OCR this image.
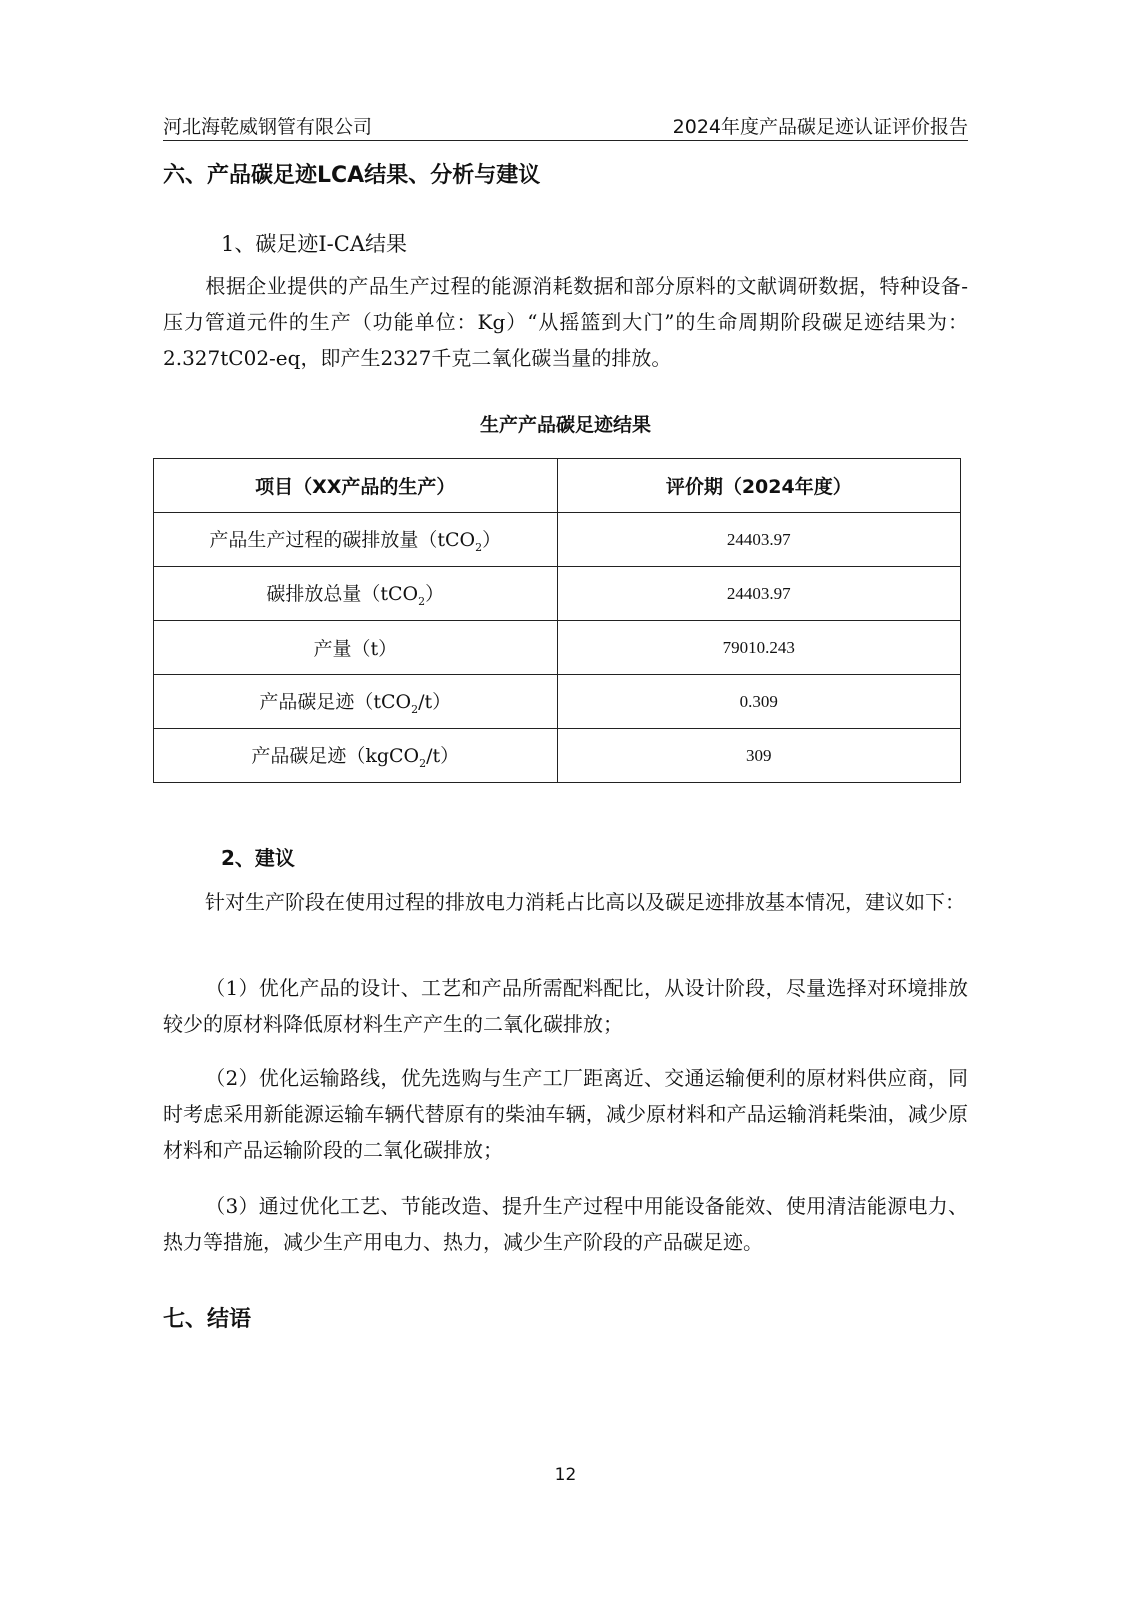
河北海乾威钢管有限公司	2024年度产品碳足迹认证评价报告
六、产品碳足迹LCA结果、分析与建议
1、碳足迹I-CA结果

根据企业提供的产品生产过程的能源消耗数据和部分原料的文献调研数据，特种设备-压力管道元件的生产（功能单位：Kg）“从摇篮到大门”的生命周期阶段碳足迹结果为：2.327tC02-eq，即产生2327千克二氧化碳当量的排放。

生产产品碳足迹结果
项目（XX产品的生产）	评价期（2024年度）
产品生产过程的碳排放量（tCO$_2$）	24403.97
碳排放总量（tCO$_2$）	24403.97
产量（t）	79010.243
产品碳足迹（tCO$_2$/t）	0.309
产品碳足迹（kgCO$_2$/t）	309
2、建议

针对生产阶段在使用过程的排放电力消耗占比高以及碳足迹排放基本情况，建议如下：

（1）优化产品的设计、工艺和产品所需配料配比，从设计阶段，尽量选择对环境排放较少的原材料降低原材料生产产生的二氧化碳排放；

（2）优化运输路线，优先选购与生产工厂距离近、交通运输便利的原材料供应商，同时考虑采用新能源运输车辆代替原有的柴油车辆，减少原材料和产品运输消耗柴油，减少原材料和产品运输阶段的二氧化碳排放；

（3）通过优化工艺、节能改造、提升生产过程中用能设备能效、使用清洁能源电力、热力等措施，减少生产用电力、热力，减少生产阶段的产品碳足迹。

七、结语
12
